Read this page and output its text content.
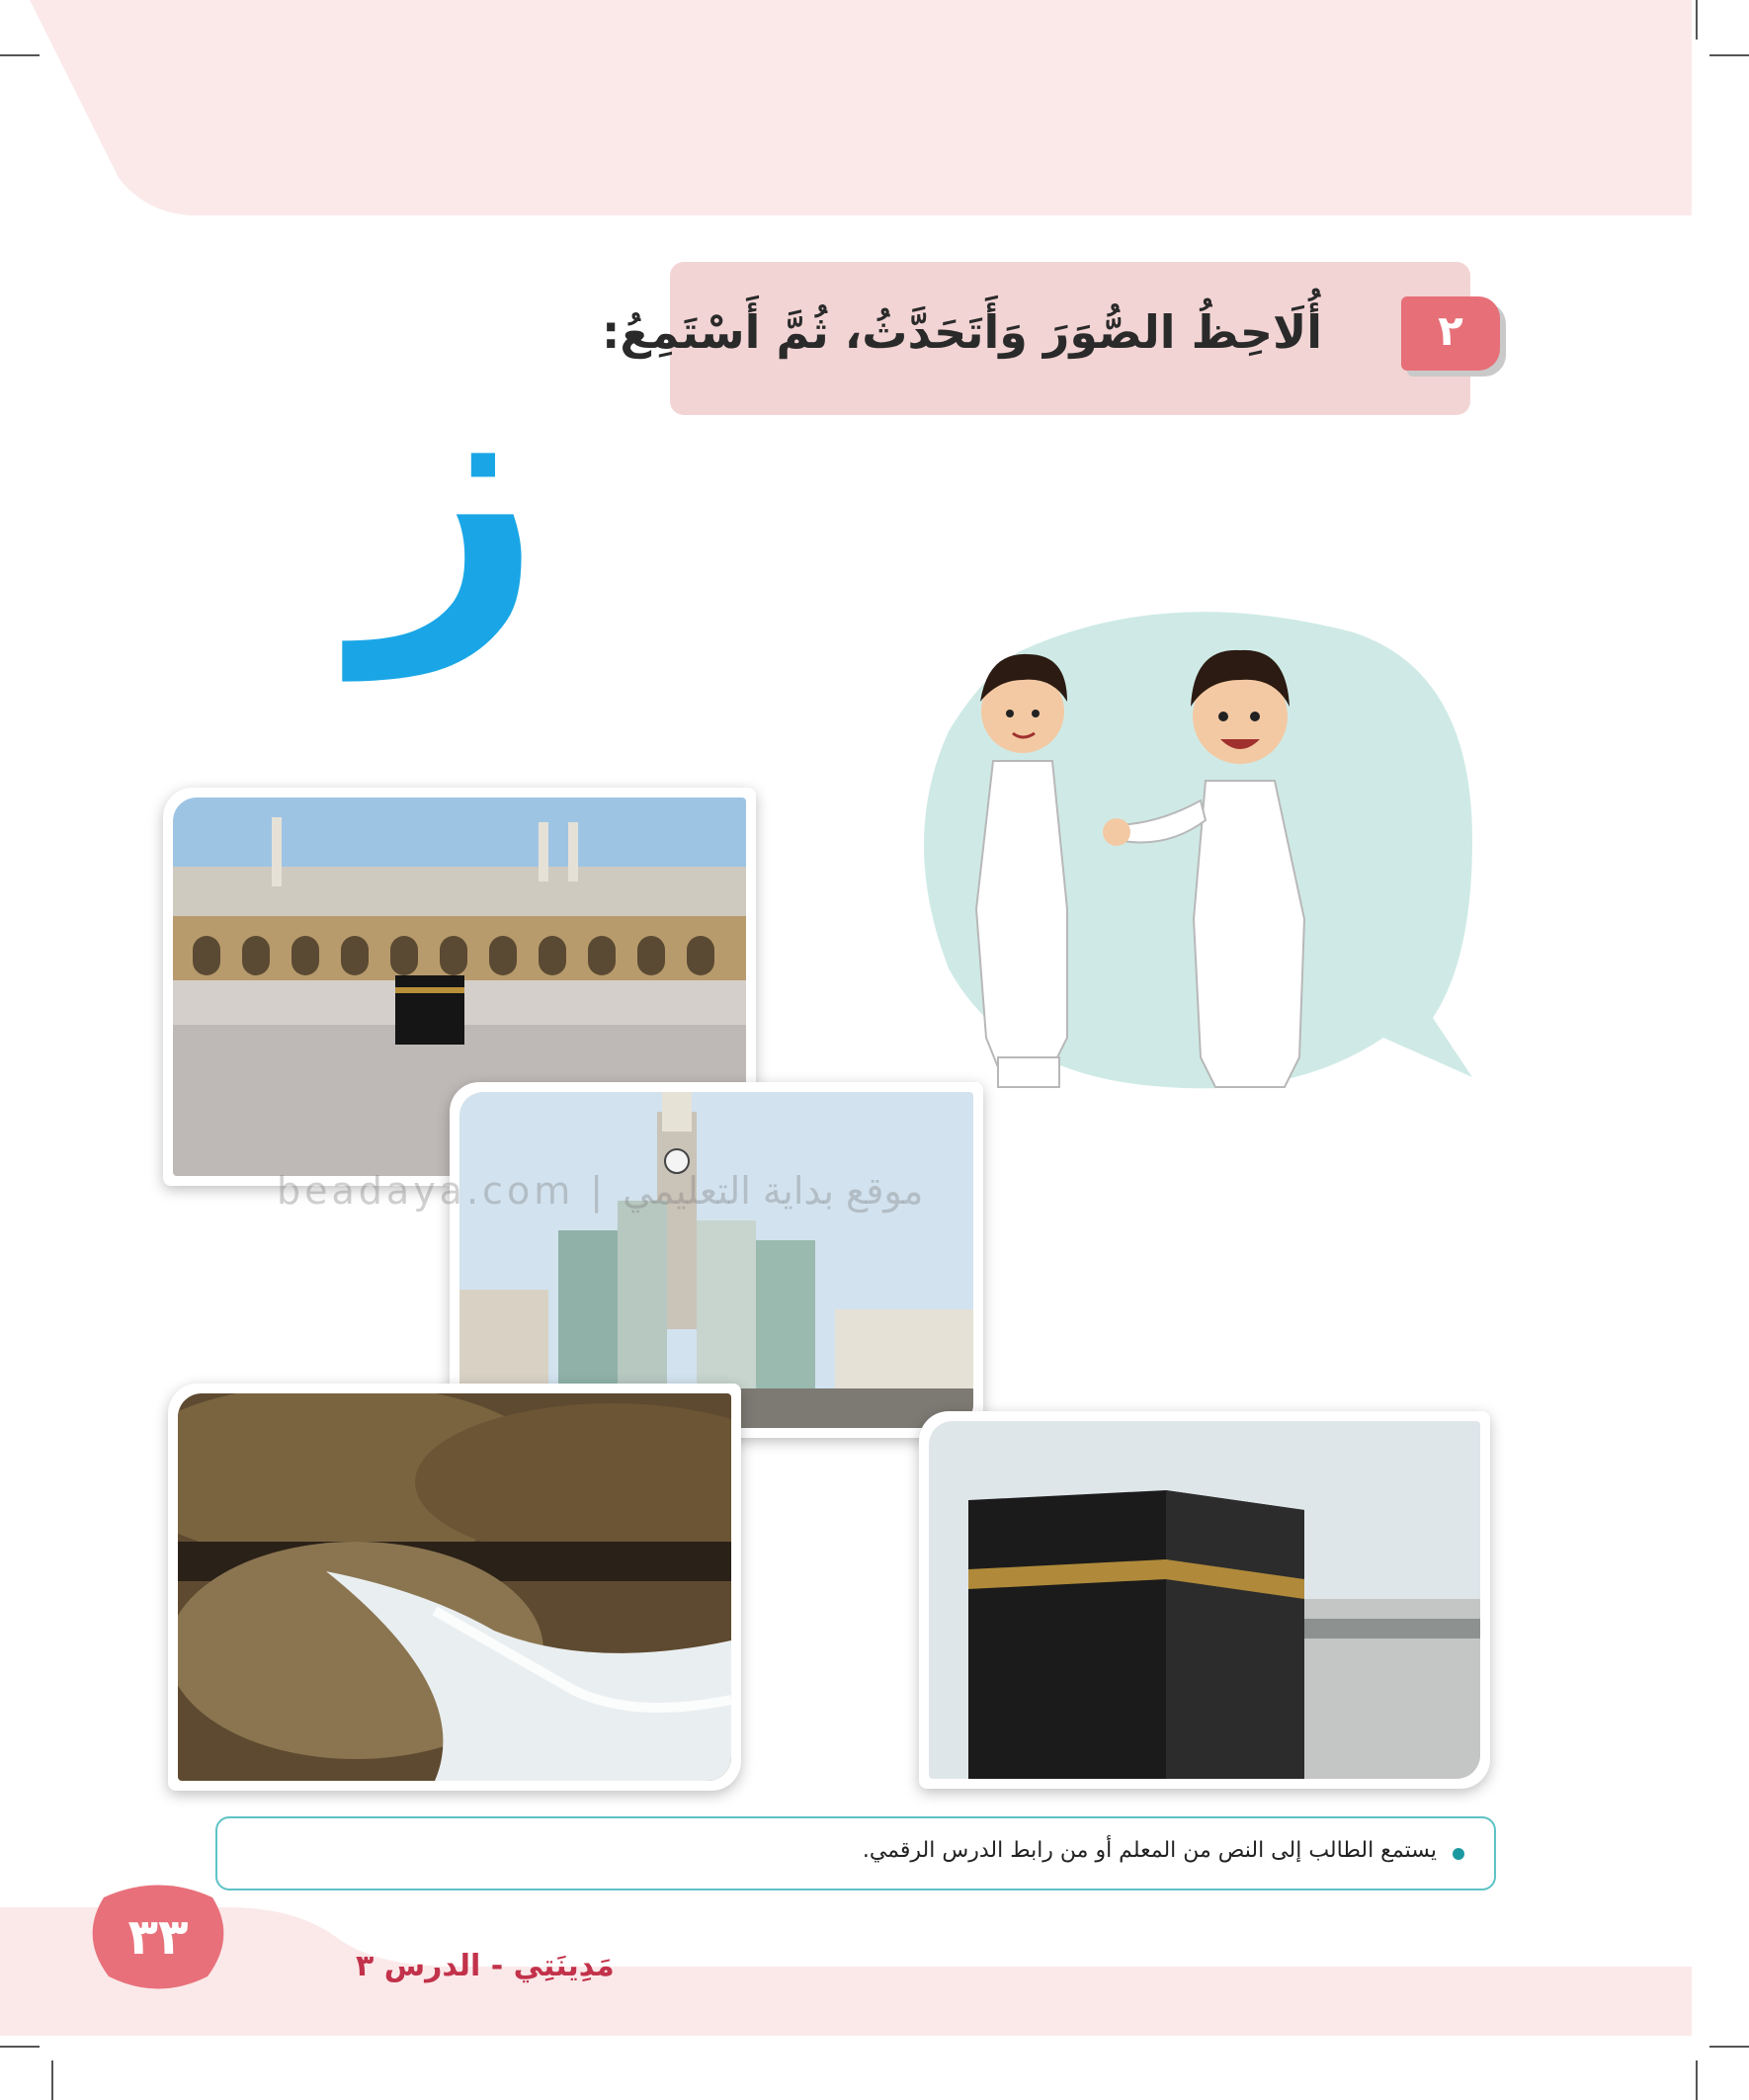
أُلَاحِظُ الصُّوَرَ وَأَتَحَدَّثُ، ثُمَّ أَسْتَمِعُ:	٢
ز
beadaya.com | موقع بداية التعليمي
يستمع الطالب إلى النص من المعلم أو من رابط الدرس الرقمي.
٣٣
مَدِينَتِي - الدرس ٣
